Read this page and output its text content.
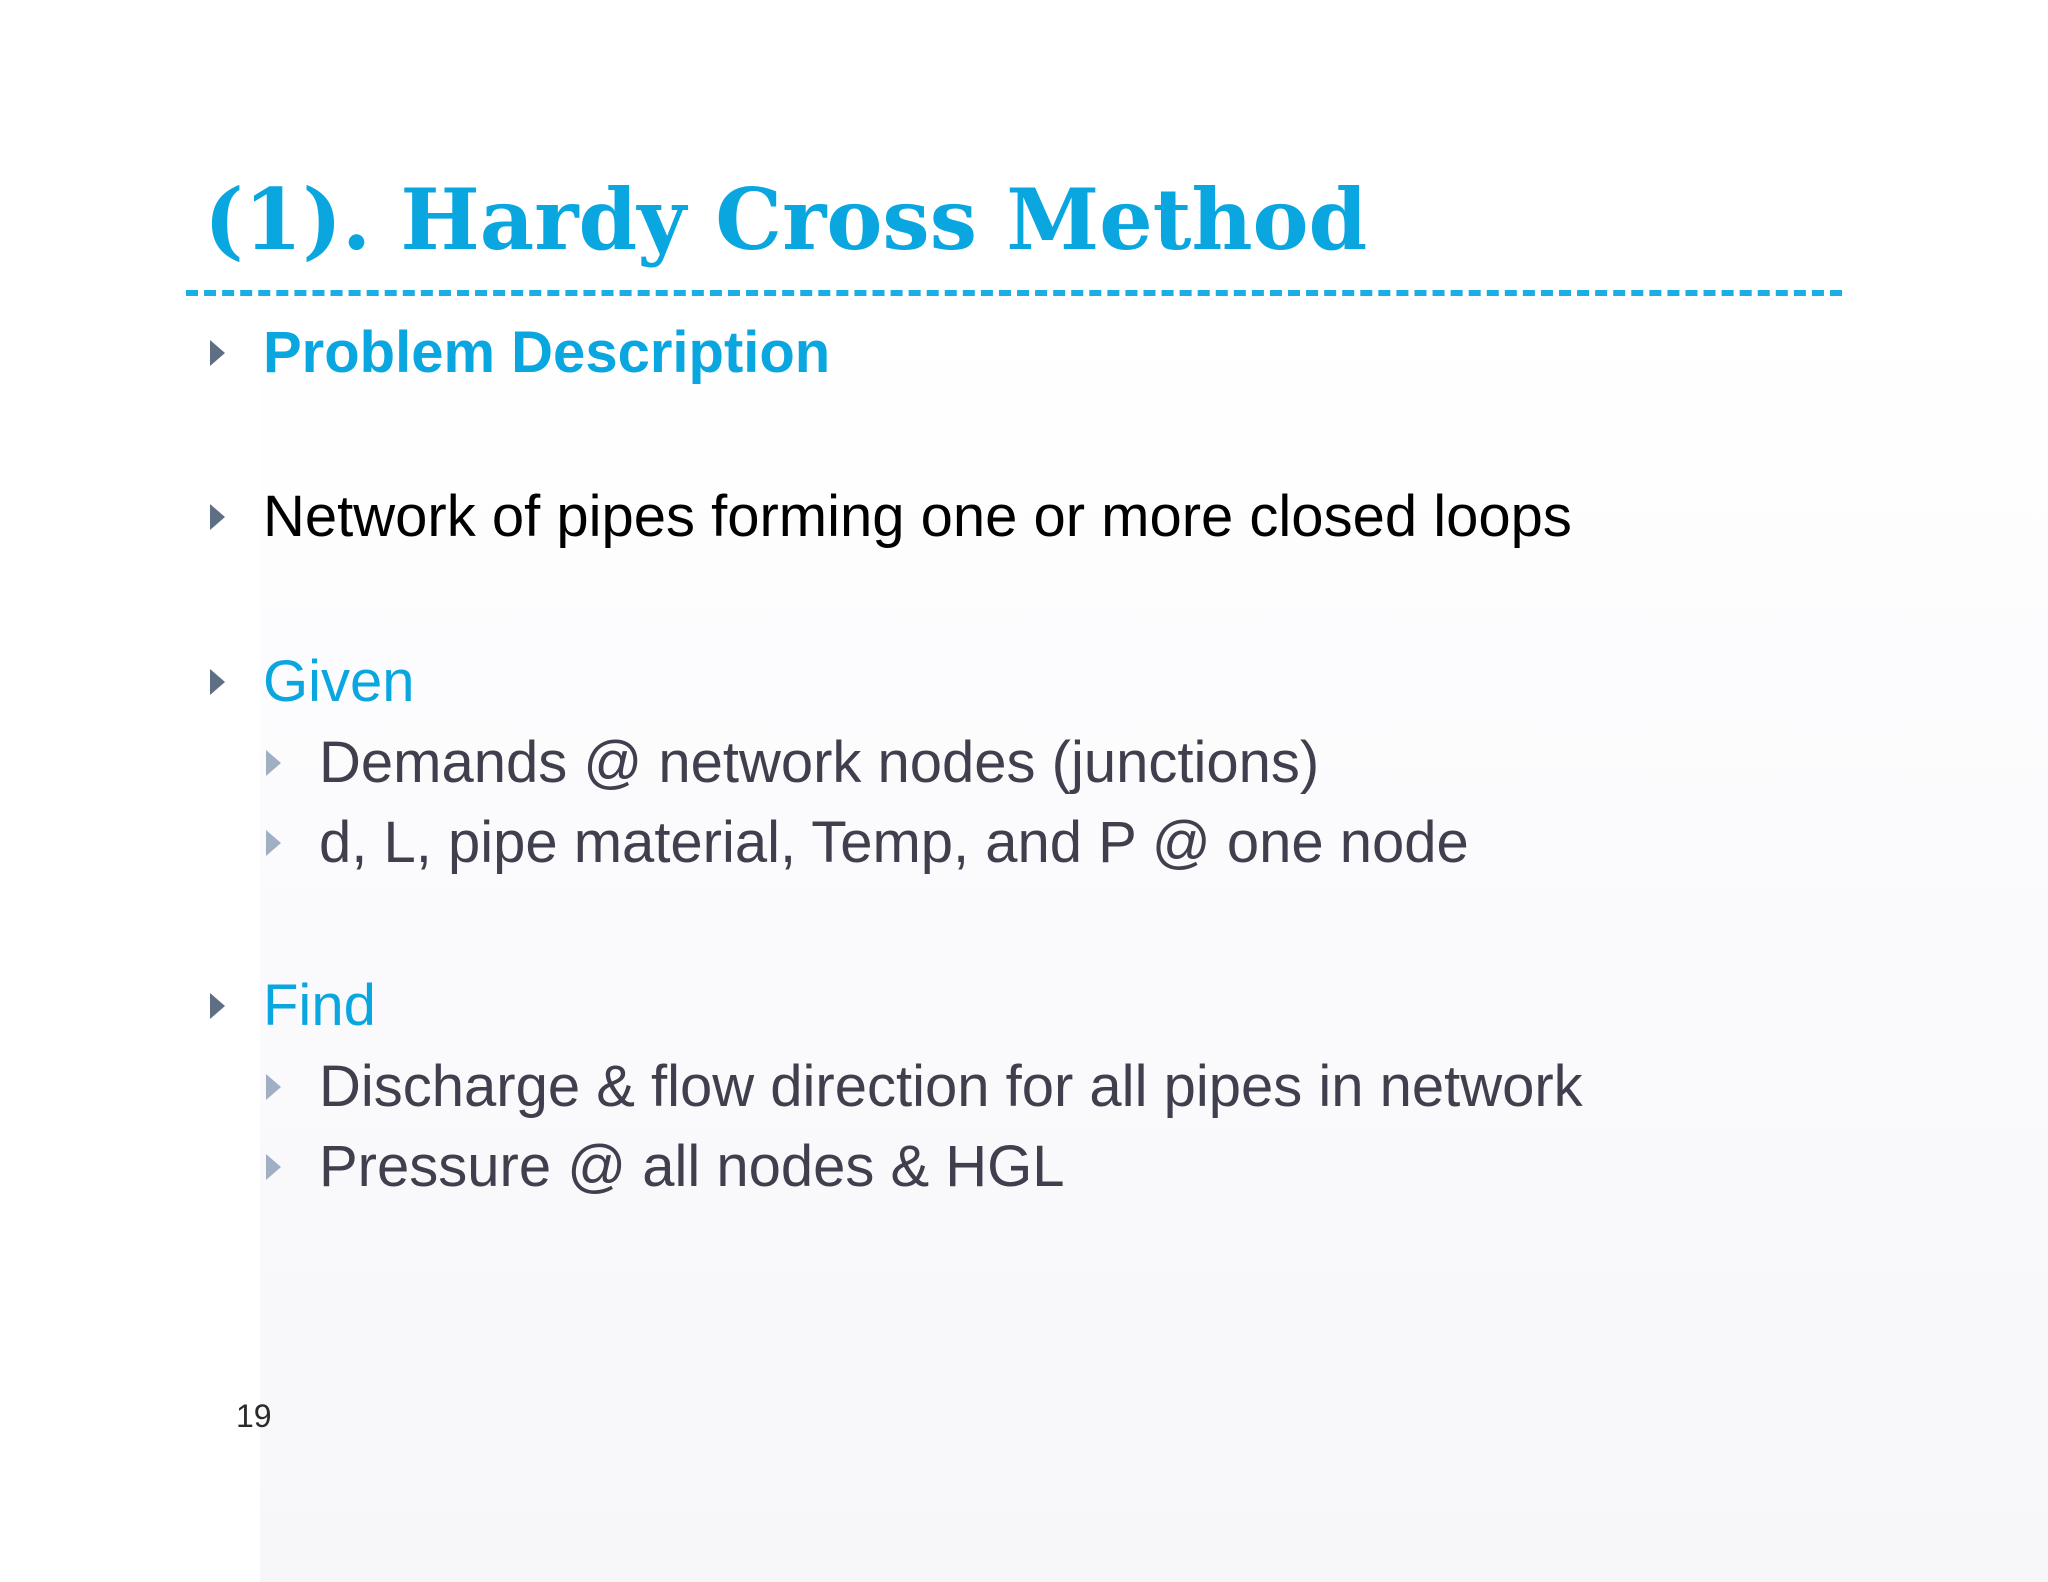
(1). Hardy Cross Method
Problem Description
Network of pipes forming one or more closed loops
Given
Demands @ network nodes (junctions)
d, L, pipe material, Temp, and P @ one node
Find
Discharge & flow direction for all pipes in network
Pressure @ all nodes & HGL
19
